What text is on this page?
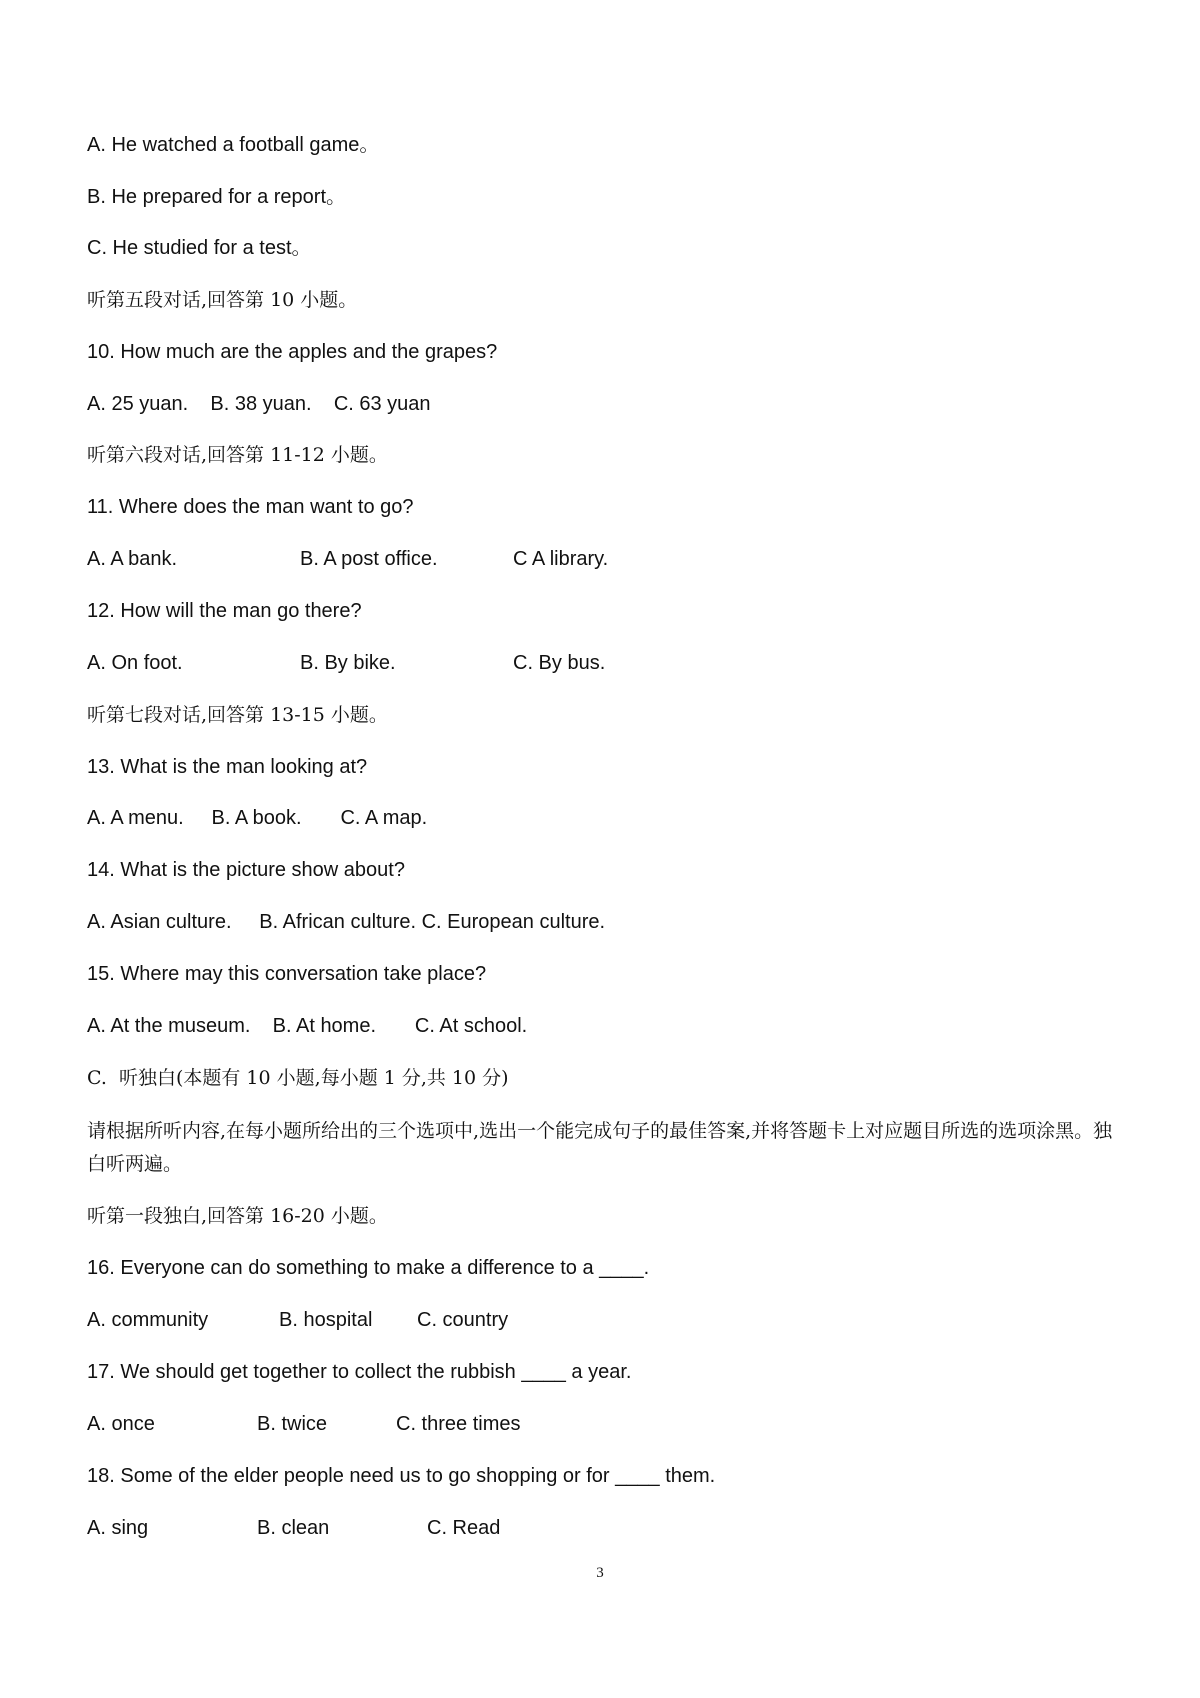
A. He watched a football game。
B. He prepared for a report。
C. He studied for a test。
听第五段对话,回答第 10 小题。
10. How much are the apples and the grapes?
A. 25 yuan.    B. 38 yuan.    C. 63 yuan
听第六段对话,回答第 11-12 小题。
11. Where does the man want to go?

A. A bank.

	B. A post office.

	C A library.

12. How will the man go there?

A. On foot.

	B. By bike.

	C. By bus.

听第七段对话,回答第 13-15 小题。
13. What is the man looking at?
A. A menu.     B. A book.       C. A map.
14. What is the picture show about?
A. Asian culture.     B. African culture. C. European culture.
15. Where may this conversation take place?
A. At the museum.    B. At home.       C. At school.
C.  听独白(本题有 10 小题,每小题 1 分,共 10 分)
请根据所听内容,在每小题所给出的三个选项中,选出一个能完成句子的最佳答案,并将答题卡上对应题目所选的选项涂黑。独白听两遍。
听第一段独白,回答第 16-20 小题。
16. Everyone can do something to make a difference to a ____.

A. community

	B. hospital

C. country

17. We should get together to collect the rubbish ____ a year.

A. once

	B. twice

	C. three times

18. Some of the elder people need us to go shopping or for ____ them.

A. sing

	B. clean

	C. Read

3
